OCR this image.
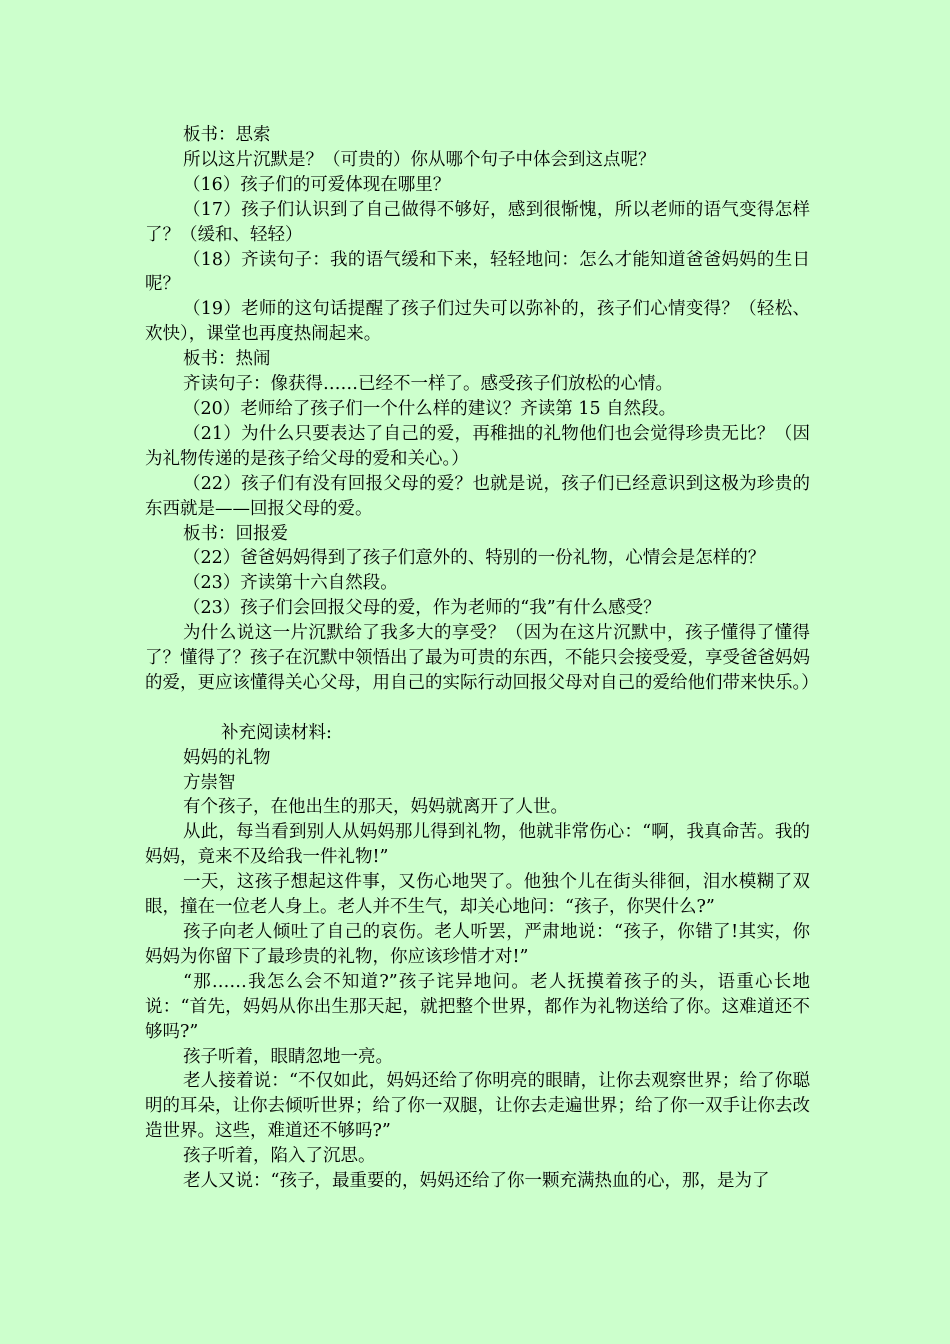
板书：思索

所以这片沉默是？（可贵的）你从哪个句子中体会到这点呢？

（16）孩子们的可爱体现在哪里？

（17）孩子们认识到了自己做得不够好，感到很惭愧，所以老师的语气变得怎样了？（缓和、轻轻）

（18）齐读句子：我的语气缓和下来，轻轻地问：怎么才能知道爸爸妈妈的生日呢？

（19）老师的这句话提醒了孩子们过失可以弥补的，孩子们心情变得？（轻松、欢快），课堂也再度热闹起来。

板书：热闹

齐读句子：像获得……已经不一样了。感受孩子们放松的心情。

（20）老师给了孩子们一个什么样的建议？齐读第 15 自然段。

（21）为什么只要表达了自己的爱，再稚拙的礼物他们也会觉得珍贵无比？（因为礼物传递的是孩子给父母的爱和关心。）

（22）孩子们有没有回报父母的爱？也就是说，孩子们已经意识到这极为珍贵的东西就是——回报父母的爱。

板书：回报爱

（22）爸爸妈妈得到了孩子们意外的、特别的一份礼物，心情会是怎样的？

（23）齐读第十六自然段。

（23）孩子们会回报父母的爱，作为老师的“我”有什么感受？

为什么说这一片沉默给了我多大的享受？（因为在这片沉默中，孩子懂得了懂得了？懂得了？孩子在沉默中领悟出了最为可贵的东西，不能只会接受爱，享受爸爸妈妈的爱，更应该懂得关心父母，用自己的实际行动回报父母对自己的爱给他们带来快乐。）

补充阅读材料:

妈妈的礼物

方崇智

有个孩子，在他出生的那天，妈妈就离开了人世。

从此，每当看到别人从妈妈那儿得到礼物，他就非常伤心：“啊，我真命苦。我的妈妈，竟来不及给我一件礼物!”

一天，这孩子想起这件事，又伤心地哭了。他独个儿在街头徘徊，泪水模糊了双眼，撞在一位老人身上。老人并不生气，却关心地问：“孩子，你哭什么?”

孩子向老人倾吐了自己的哀伤。老人听罢，严肃地说：“孩子，你错了!其实，你妈妈为你留下了最珍贵的礼物，你应该珍惜才对!”

“那……我怎么会不知道?”孩子诧异地问。老人抚摸着孩子的头，语重心长地说：“首先，妈妈从你出生那天起，就把整个世界，都作为礼物送给了你。这难道还不够吗?”

孩子听着，眼睛忽地一亮。

老人接着说：“不仅如此，妈妈还给了你明亮的眼睛，让你去观察世界；给了你聪明的耳朵，让你去倾听世界；给了你一双腿，让你去走遍世界；给了你一双手让你去改造世界。这些，难道还不够吗?”

孩子听着，陷入了沉思。

老人又说：“孩子，最重要的，妈妈还给了你一颗充满热血的心，那，是为了
